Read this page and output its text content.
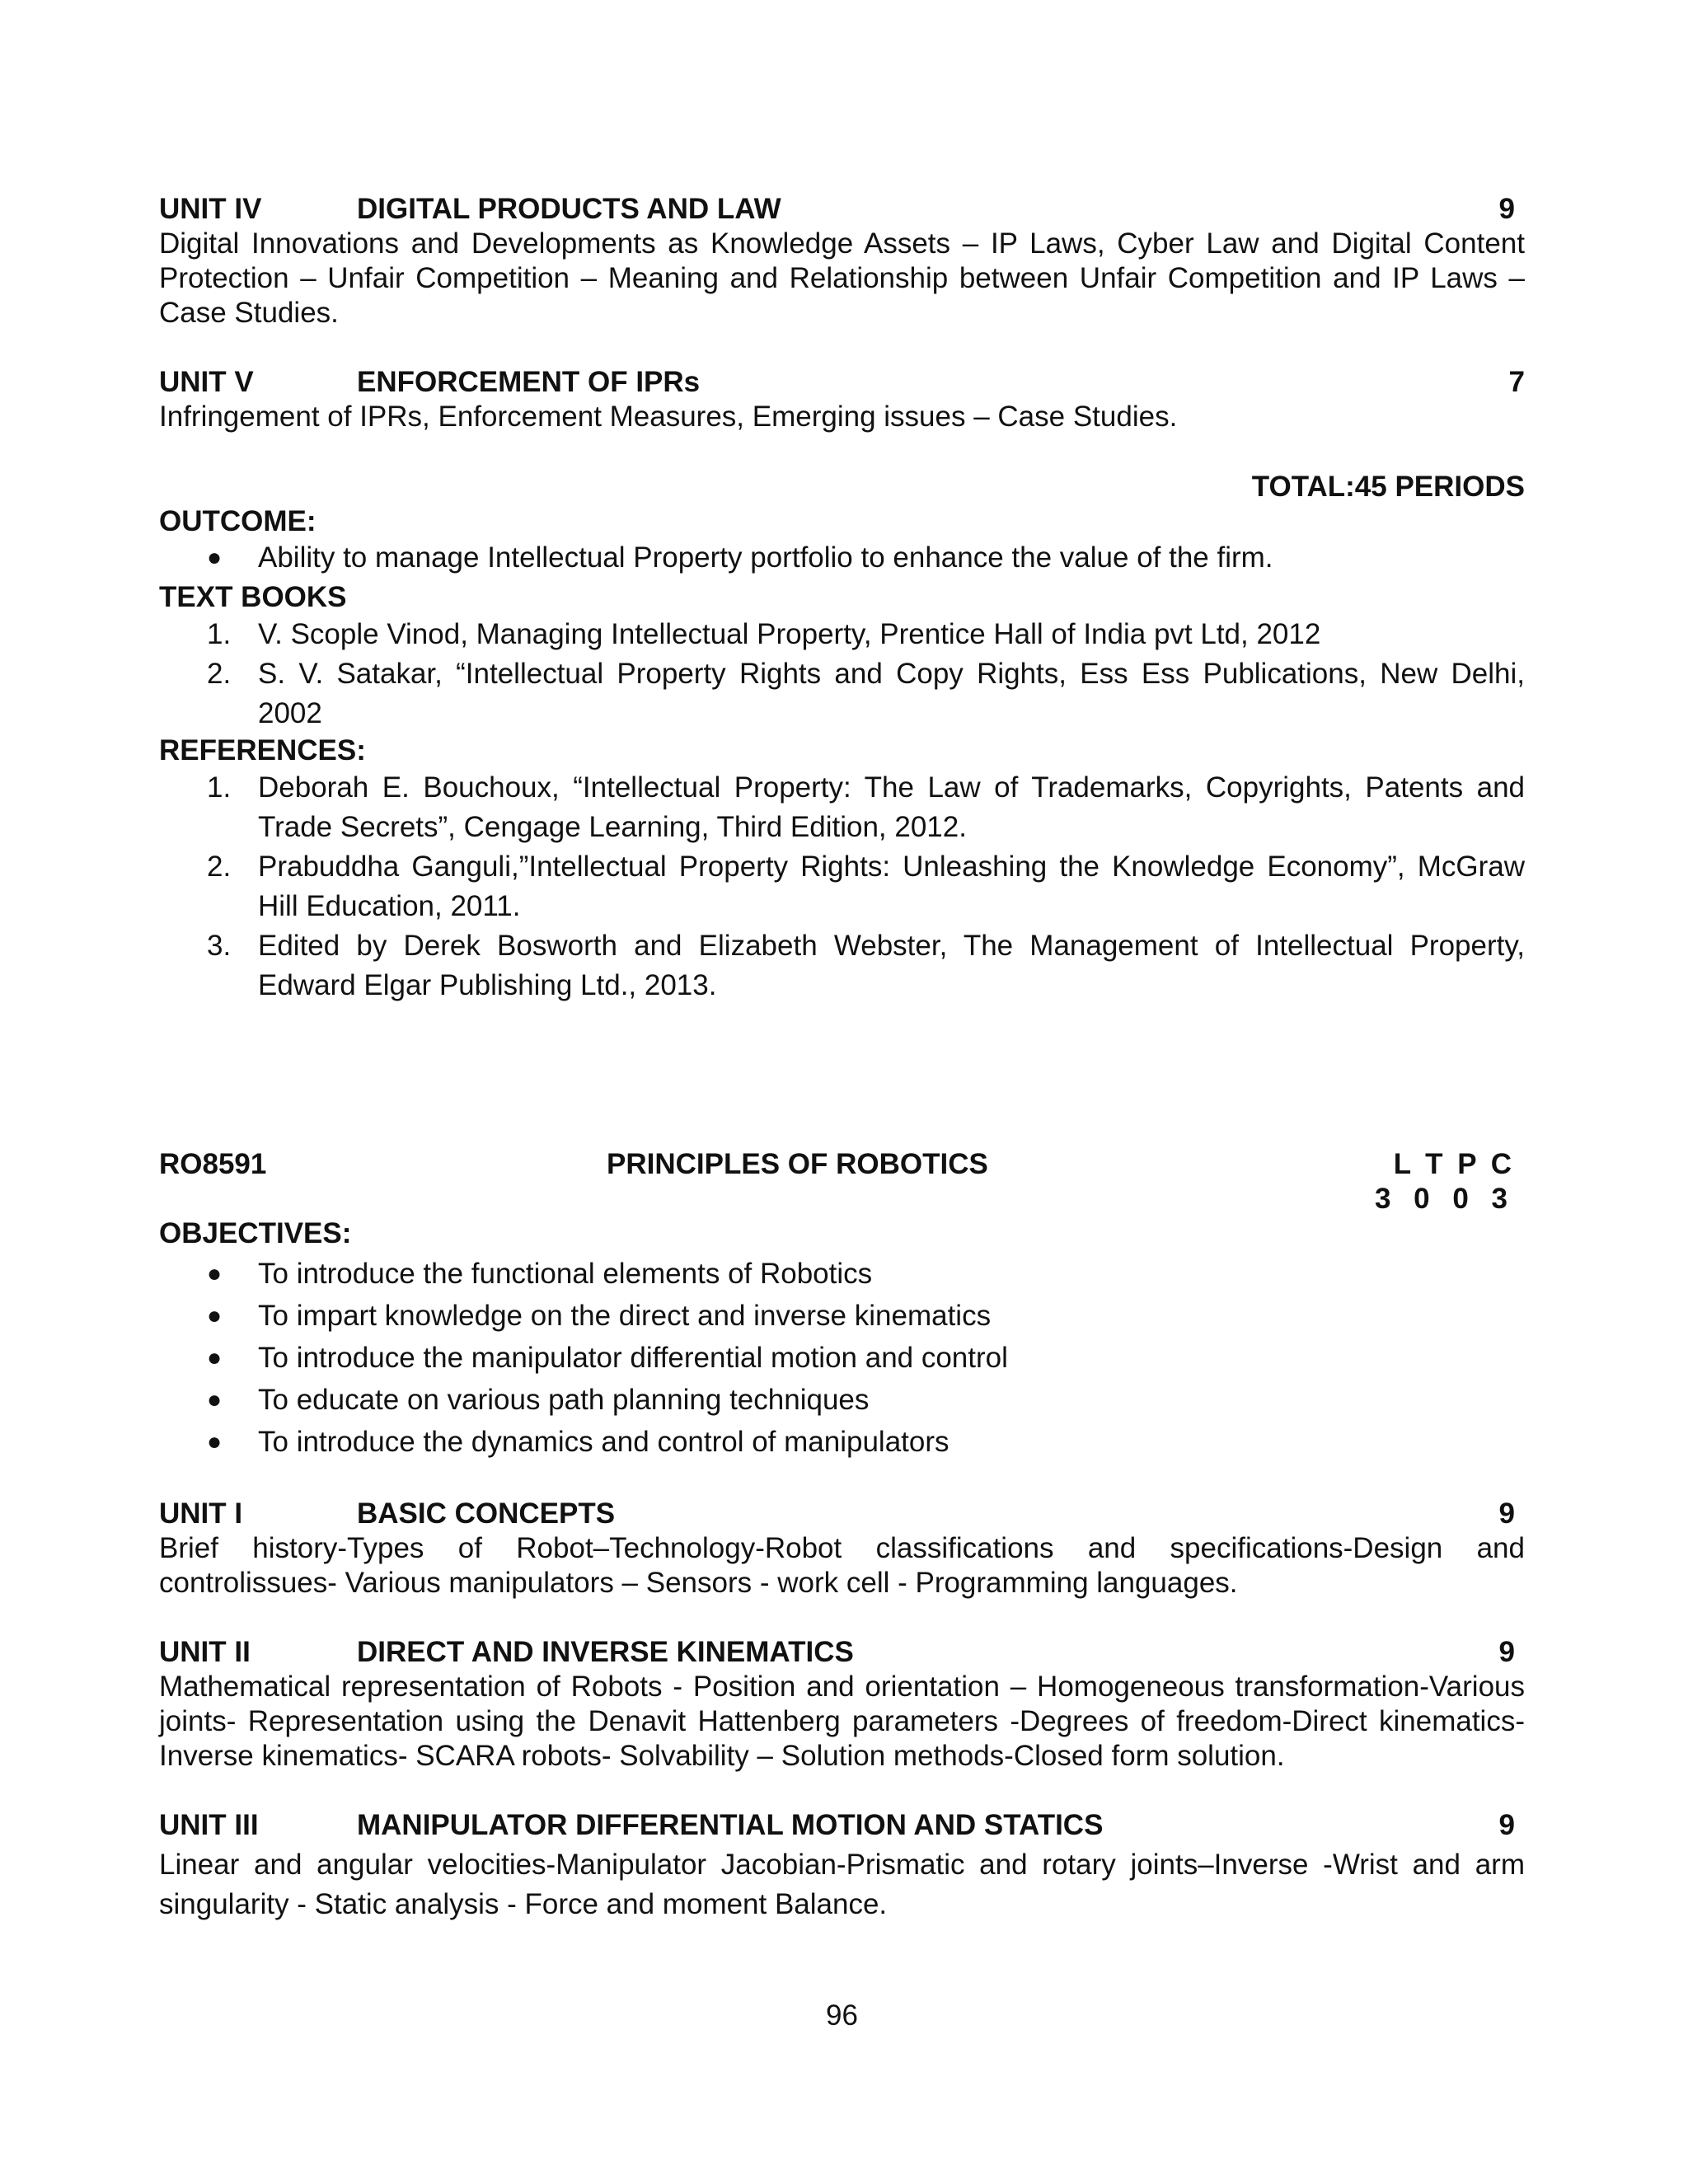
UNIT IV	DIGITAL PRODUCTS AND LAW	9

Digital Innovations and Developments as Knowledge Assets – IP Laws, Cyber Law and Digital Content Protection – Unfair Competition – Meaning and Relationship between Unfair Competition and IP Laws – Case Studies.

UNIT V	ENFORCEMENT OF IPRs	7

Infringement of IPRs, Enforcement Measures, Emerging issues – Case Studies.

TOTAL:45 PERIODS
OUTCOME:
● Ability to manage Intellectual Property portfolio to enhance the value of the firm.
TEXT BOOKS
1. V. Scople Vinod, Managing Intellectual Property, Prentice Hall of India pvt Ltd, 2012
2. S. V. Satakar, “Intellectual Property Rights and Copy Rights, Ess Ess Publications, New Delhi, 2002
REFERENCES:
1. Deborah E. Bouchoux, “Intellectual Property: The Law of Trademarks, Copyrights, Patents and Trade Secrets”, Cengage Learning, Third Edition, 2012.
2. Prabuddha Ganguli,”Intellectual Property Rights: Unleashing the Knowledge Economy”, McGraw Hill Education, 2011.
3. Edited by Derek Bosworth and Elizabeth Webster, The Management of Intellectual Property, Edward Elgar Publishing Ltd., 2013.
RO8591	PRINCIPLES OF ROBOTICS	L T P C
3 0 0 3
OBJECTIVES:
● To introduce the functional elements of Robotics
● To impart knowledge on the direct and inverse kinematics
● To introduce the manipulator differential motion and control
● To educate on various path planning techniques
● To introduce the dynamics and control of manipulators
UNIT I	BASIC CONCEPTS	9

Brief history-Types of Robot–Technology-Robot classifications and specifications-Design and controlissues- Various manipulators – Sensors - work cell - Programming languages.

UNIT II	DIRECT AND INVERSE KINEMATICS	9

Mathematical representation of Robots - Position and orientation – Homogeneous transformation-Various joints- Representation using the Denavit Hattenberg parameters -Degrees of freedom-Direct kinematics-Inverse kinematics- SCARA robots- Solvability – Solution methods-Closed form solution.

UNIT III	MANIPULATOR DIFFERENTIAL MOTION AND STATICS	9

Linear and angular velocities-Manipulator Jacobian-Prismatic and rotary joints–Inverse -Wrist and arm singularity - Static analysis - Force and moment Balance.

96
